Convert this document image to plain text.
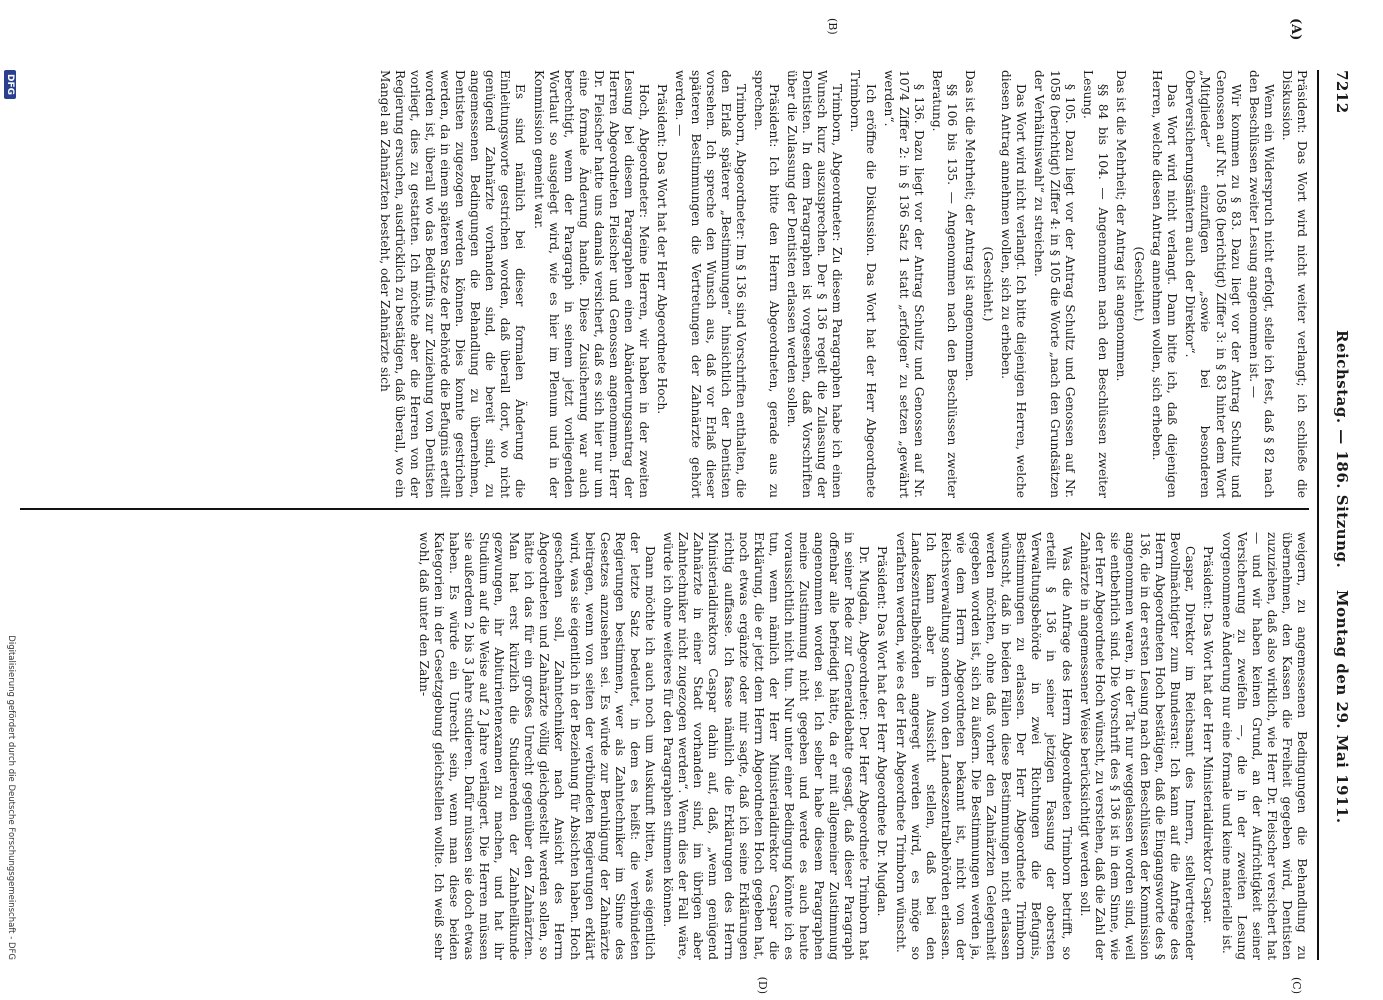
7212
Reichstag. — 186. Sitzung.
Montag den 29. Mai 1911.
(A)

Präsident: Das Wort wird nicht weiter verlangt; ich schließe die Diskussion.

Wenn ein Widerspruch nicht erfolgt, stelle ich fest, daß § 82 nach den Beschlüssen zweiter Lesung angenommen ist. —

Wir kommen zu § 83. Dazu liegt vor der Antrag Schultz und Genossen auf Nr. 1058 (berichtigt) Ziffer 3: in § 83 hinter dem Wort „Mitglieder“ einzufügen „sowie bei besonderen Oberversicherungsämtern auch der Direktor“.

Das Wort wird nicht verlangt. Dann bitte ich, daß diejenigen Herren, welche diesen Antrag annehmen wollen, sich erheben.

(Geschieht.)

Das ist die Mehrheit; der Antrag ist angenommen.

§§ 84 bis 104. — Angenommen nach den Beschlüssen zweiter Lesung.

§ 105. Dazu liegt vor der Antrag Schultz und Genossen auf Nr. 1058 (berichtigt) Ziffer 4: in § 105 die Worte „nach den Grundsätzen der Verhältniswahl“ zu streichen.

Das Wort wird nicht verlangt. Ich bitte diejenigen Herren, welche diesen Antrag annehmen wollen, sich zu erheben.

(Geschieht.)

Das ist die Mehrheit; der Antrag ist angenommen.

§§ 106 bis 135. — Angenommen nach den Beschlüssen zweiter Beratung.

§ 136. Dazu liegt vor der Antrag Schultz und Genossen auf Nr. 1074 Ziffer 2: in § 136 Satz 1 statt „erfolgen“ zu setzen „gewährt werden“.

Ich eröffne die Diskussion. Das Wort hat der Herr Abgeordnete Trimborn.

Trimborn, Abgeordneter: Zu diesem Paragraphen habe ich einen Wunsch kurz auszusprechen. Der § 136 regelt die Zulassung der Dentisten. In dem Paragraphen ist vorgesehen, daß Vorschriften über die Zulassung der Dentisten erlassen werden sollen.

Präsident: Ich bitte den Herrn Abgeordneten, gerade aus zu sprechen.

Trimborn, Abgeordneter: Im § 136 sind Vorschriften enthalten, die den Erlaß späterer „Bestimmungen“ hinsichtlich der Dentisten vorsehen. Ich spreche den Wunsch aus, daß vor Erlaß dieser späteren Bestimmungen die Vertretungen der Zahnärzte gehört werden. —

Präsident: Das Wort hat der Herr Abgeordnete Hoch.

Hoch, Abgeordneter: Meine Herren, wir haben in der zweiten Lesung bei diesem Paragraphen einen Abänderungsantrag der Herren Abgeordneten Fleischer und Genossen angenommen. Herr Dr. Fleischer hatte uns damals versichert, daß es sich hier nur um eine formale Änderung handle. Diese Zusicherung war auch berechtigt, wenn der Paragraph in seinem jetzt vorliegenden Wortlaut so ausgelegt wird, wie es hier im Plenum und in der Kommission gemeint war.

Es sind nämlich bei dieser formalen Änderung die Einleitungsworte gestrichen worden, daß überall dort, wo nicht genügend Zahnärzte vorhanden sind, die bereit sind, zu angemessenen Bedingungen die Behandlung zu übernehmen, Dentisten zugezogen werden können. Dies konnte gestrichen werden, da in einem späteren Satze der Behörde die Befugnis erteilt worden ist, überall wo das Bedürfnis zur Zuziehung von Dentisten vorliegt, dies zu gestatten. Ich möchte aber die Herren von der Regierung ersuchen, ausdrücklich zu bestätigen, daß überall, wo ein Mangel an Zahnärzten besteht, oder Zahnärzte sich

weigern, zu angemessenen Bedingungen die Behandlung zu übernehmen, den Kassen die Freiheit gegeben wird, Dentisten zuzuziehen, daß also wirklich, wie Herr Dr. Fleischer versichert hat — und wir haben keinen Grund, an der Aufrichtigkeit seiner Versicherung zu zweifeln —, die in der zweiten Lesung vorgenommene Änderung nur eine formale und keine materielle ist.

Präsident: Das Wort hat der Herr Ministerialdirektor Caspar.

Caspar, Direktor im Reichsamt des Innern, stellvertretender Bevollmächtigter zum Bundesrat: Ich kann auf die Anfrage des Herrn Abgeordneten Hoch bestätigen, daß die Eingangsworte des § 136, die in der ersten Lesung nach den Beschlüssen der Kommission angenommen waren, in der Tat nur weggelassen worden sind, weil sie entbehrlich sind. Die Vorschrift des § 136 ist in dem Sinne, wie der Herr Abgeordnete Hoch wünscht, zu verstehen, daß die Zahl der Zahnärzte in angemessener Weise berücksichtigt werden soll.

Was die Anfrage des Herrn Abgeordneten Trimborn betrifft, so erteilt § 136 in seiner jetzigen Fassung der obersten Verwaltungsbehörde in zwei Richtungen die Befugnis, Bestimmungen zu erlassen. Der Herr Abgeordnete Trimborn wünscht, daß in beiden Fällen diese Bestimmungen nicht erlassen werden möchten, ohne daß vorher den Zahnärzten Gelegenheit gegeben worden ist, sich zu äußern. Die Bestimmungen werden ja, wie dem Herrn Abgeordneten bekannt ist, nicht von der Reichsverwaltung sondern von den Landeszentralbehörden erlassen. Ich kann aber in Aussicht stellen, daß bei den Landeszentralbehörden angeregt werden wird, es möge so verfahren werden, wie es der Herr Abgeordnete Trimborn wünscht.

Präsident: Das Wort hat der Herr Abgeordnete Dr. Mugdan.

Dr. Mugdan, Abgeordneter: Der Herr Abgeordnete Trimborn hat in seiner Rede zur Generaldebatte gesagt, daß dieser Paragraph offenbar alle befriedigt hätte, da er mit allgemeiner Zustimmung angenommen worden sei. Ich selber habe diesem Paragraphen meine Zustimmung nicht gegeben und werde es auch heute voraussichtlich nicht tun. Nur unter einer Bedingung könnte ich es tun, wenn nämlich der Herr Ministerialdirektor Caspar die Erklärung, die er jetzt dem Herrn Abgeordneten Hoch gegeben hat, noch etwas ergänzte oder mir sagte, daß ich seine Erklärungen richtig auffasse. Ich fasse nämlich die Erklärungen des Herrn Ministerialdirektors Caspar dahin auf, daß, „wenn genügend Zahnärzte in einer Stadt vorhanden sind, im übrigen aber Zahntechniker nicht zugezogen werden“. Wenn dies der Fall wäre, würde ich ohne weiteres für den Paragraphen stimmen können.

Dann möchte ich auch noch um Auskunft bitten, was eigentlich der letzte Satz bedeutet, in dem es heißt: die verbündeten Regierungen bestimmen, wer als Zahntechniker im Sinne des Gesetzes anzusehen sei. Es würde zur Beruhigung der Zahnärzte beitragen, wenn von seiten der verbündeten Regierungen erklärt wird, was sie eigentlich in der Beziehung für Absichten haben. Hoch geschehen soll, Zahntechniker nach Ansicht des Herrn Abgeordneten und Zahnärzte völlig gleichgestellt werden sollen, so hätte ich das für ein großes Unrecht gegenüber den Zahnärzten. Man hat erst kürzlich die Studierenden der Zahnheilkunde gezwungen, ihr Abiturientenexamen zu machen, und hat ihr Studium auf die Weise auf 2 Jahre verlängert. Die Herren müssen sie außerdem 2 bis 3 Jahre studieren. Dafür müssen sie doch etwas haben. Es würde ein Unrecht sein, wenn man diese beiden Kategorien in der Gesetzgebung gleichstellen wollte. Ich weiß sehr wohl, daß unter den Zahn-

(B)
(C)
(D)
DFG
Digitalisierung gefördert durch die Deutsche Forschungsgemeinschaft - DFG
